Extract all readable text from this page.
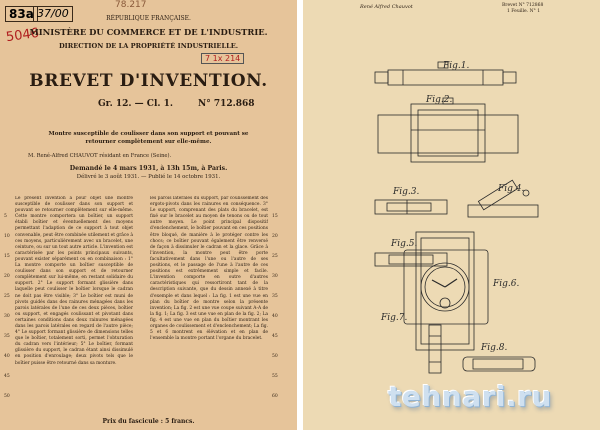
83a 37/00
78.217
5046
RÉPUBLIQUE FRANÇAISE.
MINISTÈRE DU COMMERCE ET DE L'INDUSTRIE.
DIRECTION DE LA PROPRIÉTÉ INDUSTRIELLE.
7 1x 214
BREVET D'INVENTION.
Gr. 12. — Cl. 1.	N° 712.868
Montre susceptible de coulisser dans son support et pouvant se
retourner complètement sur elle-même.
M. René-Alfred CHAUVOT résidant en France (Seine).
Demandé le 4 mars 1931, à 13h 15m, à Paris.
Délivré le 3 août 1931. — Publié le 14 octobre 1931.
Le présent invention a pour objet une montre susceptible de coulisser dans son support et pouvant se retourner complètement sur elle-même. Cette montre comportera un boîtier, un support établi boîtier et éventuellement des moyens permettant l'adaption de ce support à tout objet convenable, peut être combinée utilement et grâce à ces moyens, particulièrement avec un bracelet, une ceinture, ou sur un tout autre article. L'invention est caractérisée par les points principaux suivants, pouvant exister séparément ou en combinaison : 1° La montre comporte un boîtier susceptible de coulisser dans son support et de retourner complètement sur lui-même, en restant solidaire du support. 2° Le support formant glissière dans laquelle peut coulisser le boîtier lorsque le cadran ne doit pas être visible; 3° Le boîtier est muni de pivots guidés dans des rainures ménagées dans les parois latérales de l'une de ces deux pièces, boîtier ou support, et engagés coulissant et pivotant dans certaines conditions dans deux rainures ménagées dans les parois latérales en regard de l'autre pièce; 4° Le support formant glissière de dimensions telles que le boîtier, totalement sorti, permet l'obturation du cadran vers l'intérieur; 5° Le boîtier, formant glissière du support, le cadran étant ainsi dissimulé en position d'enroulage; deux pivots tels que le boîtier puisse être retourné dans sa monture.
5
10
15
20
25
30
35
40
45
50
les parois latérales du support, par coulissement des ergots-pivots dans les rainures en conséquence. 3° Le support, comprenant des plats du bracelet, est fixé sur le bracelet au moyen de tenons ou de tout autre moyen. Le point principal dispositif d'enclenchement, le boîtier pouvant en ces positions être bloqué, de manière à le protéger contre les chocs; ce boîtier pouvant également être renversé de façon à dissimuler le cadran et la glace. Grâce à l'invention, la montre peut être porte facultativement dans l'une ou l'autre de ses positions, et le passage de l'une à l'autre de ces positions est extrêmement simple et facile. L'invention comporte en outre d'autres caractéristiques qui ressortiront tant de la description suivante, que du dessin annexé à titre d'exemple et dans lequel : La fig. 1 est une vue en plan du boîtier de montre selon la présente invention; La fig. 2 est une vue coupe suivant A-A de la fig. 1; La fig. 3 est une vue en plan de la fig. 2; La fig. 4 est une vue en plan du boîtier montrant les organes de coulissement et d'enclenchement; La fig. 5 et 6 montrent en élévation et en plan de l'ensemble la montre portant l'organe du bracelet.
15
20
25
30
35
40
45
50
55
60
Prix du fascicule : 5 francs.
René Alfred Chauvot	Brevet N° 712868
1 Feuille. N° 1
Fig.1.
Fig.2.
Fig.3.	Fig.4.
Fig.5.
Fig.6.
Fig.7.
Fig.8.
tehnari.ru
